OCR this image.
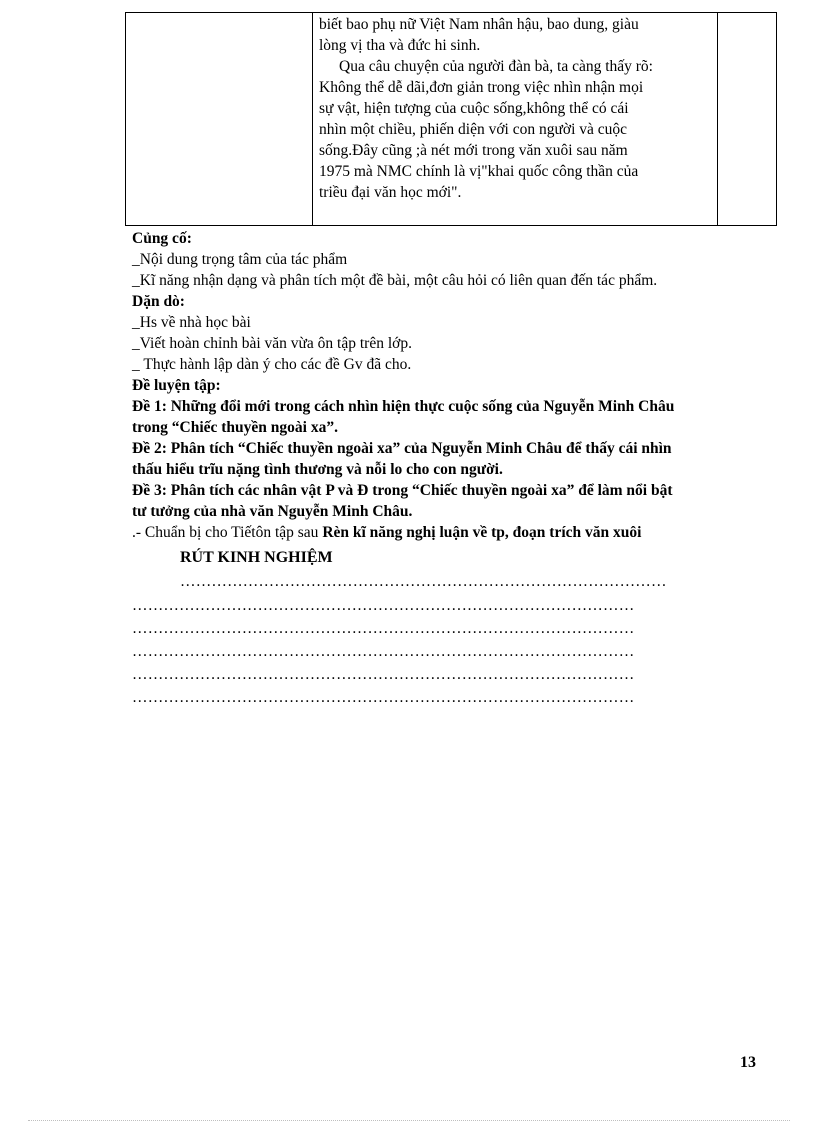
biết bao phụ nữ Việt Nam nhân hậu, bao dung, giàu
lòng vị tha và đức hi sinh.
Qua câu chuyện của người đàn bà, ta càng thấy rõ:
Không thể dễ dãi,đơn giản trong việc nhìn nhận mọi
sự vật, hiện tượng của cuộc sống,không thể có cái
nhìn một chiều, phiến diện với con người và cuộc
sống.Đây cũng ;à nét mới trong văn xuôi sau năm
1975 mà NMC chính là vị"khai quốc công thần của
triều đại văn học mới".

Củng cố:
_Nội dung trọng tâm của tác phẩm
_Kĩ năng nhận dạng và phân tích một đề bài, một câu hỏi có liên quan đến tác phẩm.
Dặn dò:
_Hs về nhà học bài
_Viết hoàn chỉnh bài văn vừa ôn tập trên lớp.
_ Thực hành lập dàn ý cho các đề Gv đã cho.
Đề luyện tập:
Đề 1: Những đổi mới trong cách nhìn hiện thực cuộc sống của Nguyễn Minh Châu
trong “Chiếc thuyền ngoài xa”.
Đề 2: Phân tích “Chiếc thuyền ngoài xa” của Nguyễn Minh Châu để thấy cái nhìn
thấu hiểu trĩu nặng tình thương và nỗi lo cho con người.
Đề 3: Phân tích các nhân vật P và Đ trong “Chiếc thuyền ngoài xa” để làm nổi bật
tư tưởng của nhà văn Nguyễn Minh Châu.
.- Chuẩn bị cho Tiếtôn tập sau Rèn kĩ năng nghị luận về tp, đoạn trích văn xuôi
RÚT KINH NGHIỆM
…………………………………………………………………………………
……………………………………………………………………………………
……………………………………………………………………………………
……………………………………………………………………………………
……………………………………………………………………………………
……………………………………………………………………………………
13
